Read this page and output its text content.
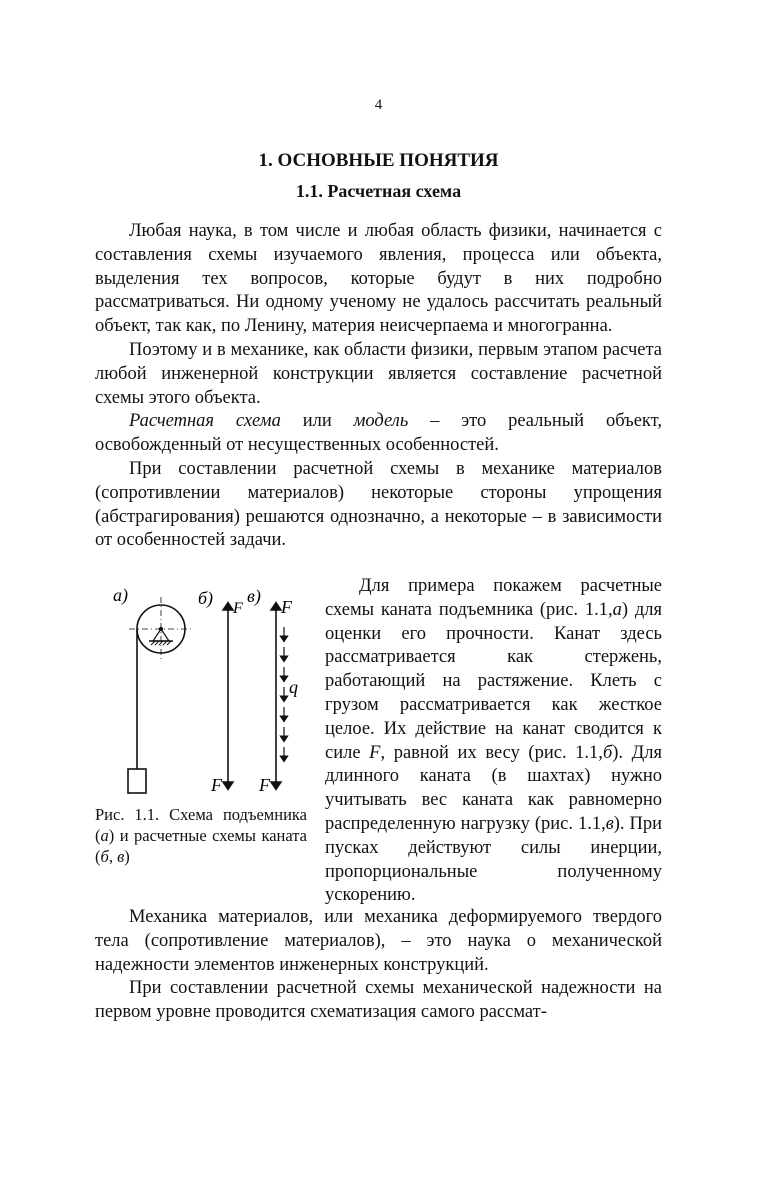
4
1. ОСНОВНЫЕ ПОНЯТИЯ
1.1. Расчетная схема

Любая наука, в том числе и любая область физики, начинается с составления схемы изучаемого явления, процесса или объекта, выделения тех вопросов, которые будут в них подробно рассматриваться. Ни одному ученому не удалось рассчитать реальный объект, так как, по Ленину, материя неисчерпаема и многогранна.

Поэтому и в механике, как области физики, первым этапом расчета любой инженерной конструкции является составление расчетной схемы этого объекта.

Расчетная схема или модель – это реальный объект, освобожденный от несущественных особенностей.

При составлении расчетной схемы в механике материалов (сопротивлении материалов) некоторые стороны упрощения (абстрагирования) решаются однозначно, а некоторые – в зависимости от особенностей задачи.

а)	б) в)
F
F
F
F
q
Рис. 1.1. Схема подъемника (а) и расчетные схемы каната (б, в)

Для примера покажем расчетные схемы каната подъемника (рис. 1.1,а) для оценки его прочности. Канат здесь рассматривается как стержень, работающий на растяжение. Клеть с грузом рассматривается как жесткое целое. Их действие на канат сводится к силе F, равной их весу (рис. 1.1,б). Для длинного каната (в шахтах) нужно учитывать вес каната как равномерно распределенную нагрузку (рис. 1.1,в). При пусках действуют силы инерции, пропорциональные полученному ускорению.

Механика материалов, или механика деформируемого твердого тела (сопротивление материалов), – это наука о механической надежности элементов инженерных конструкций.

При составлении расчетной схемы механической надежности на первом уровне проводится схематизация самого рассмат-
